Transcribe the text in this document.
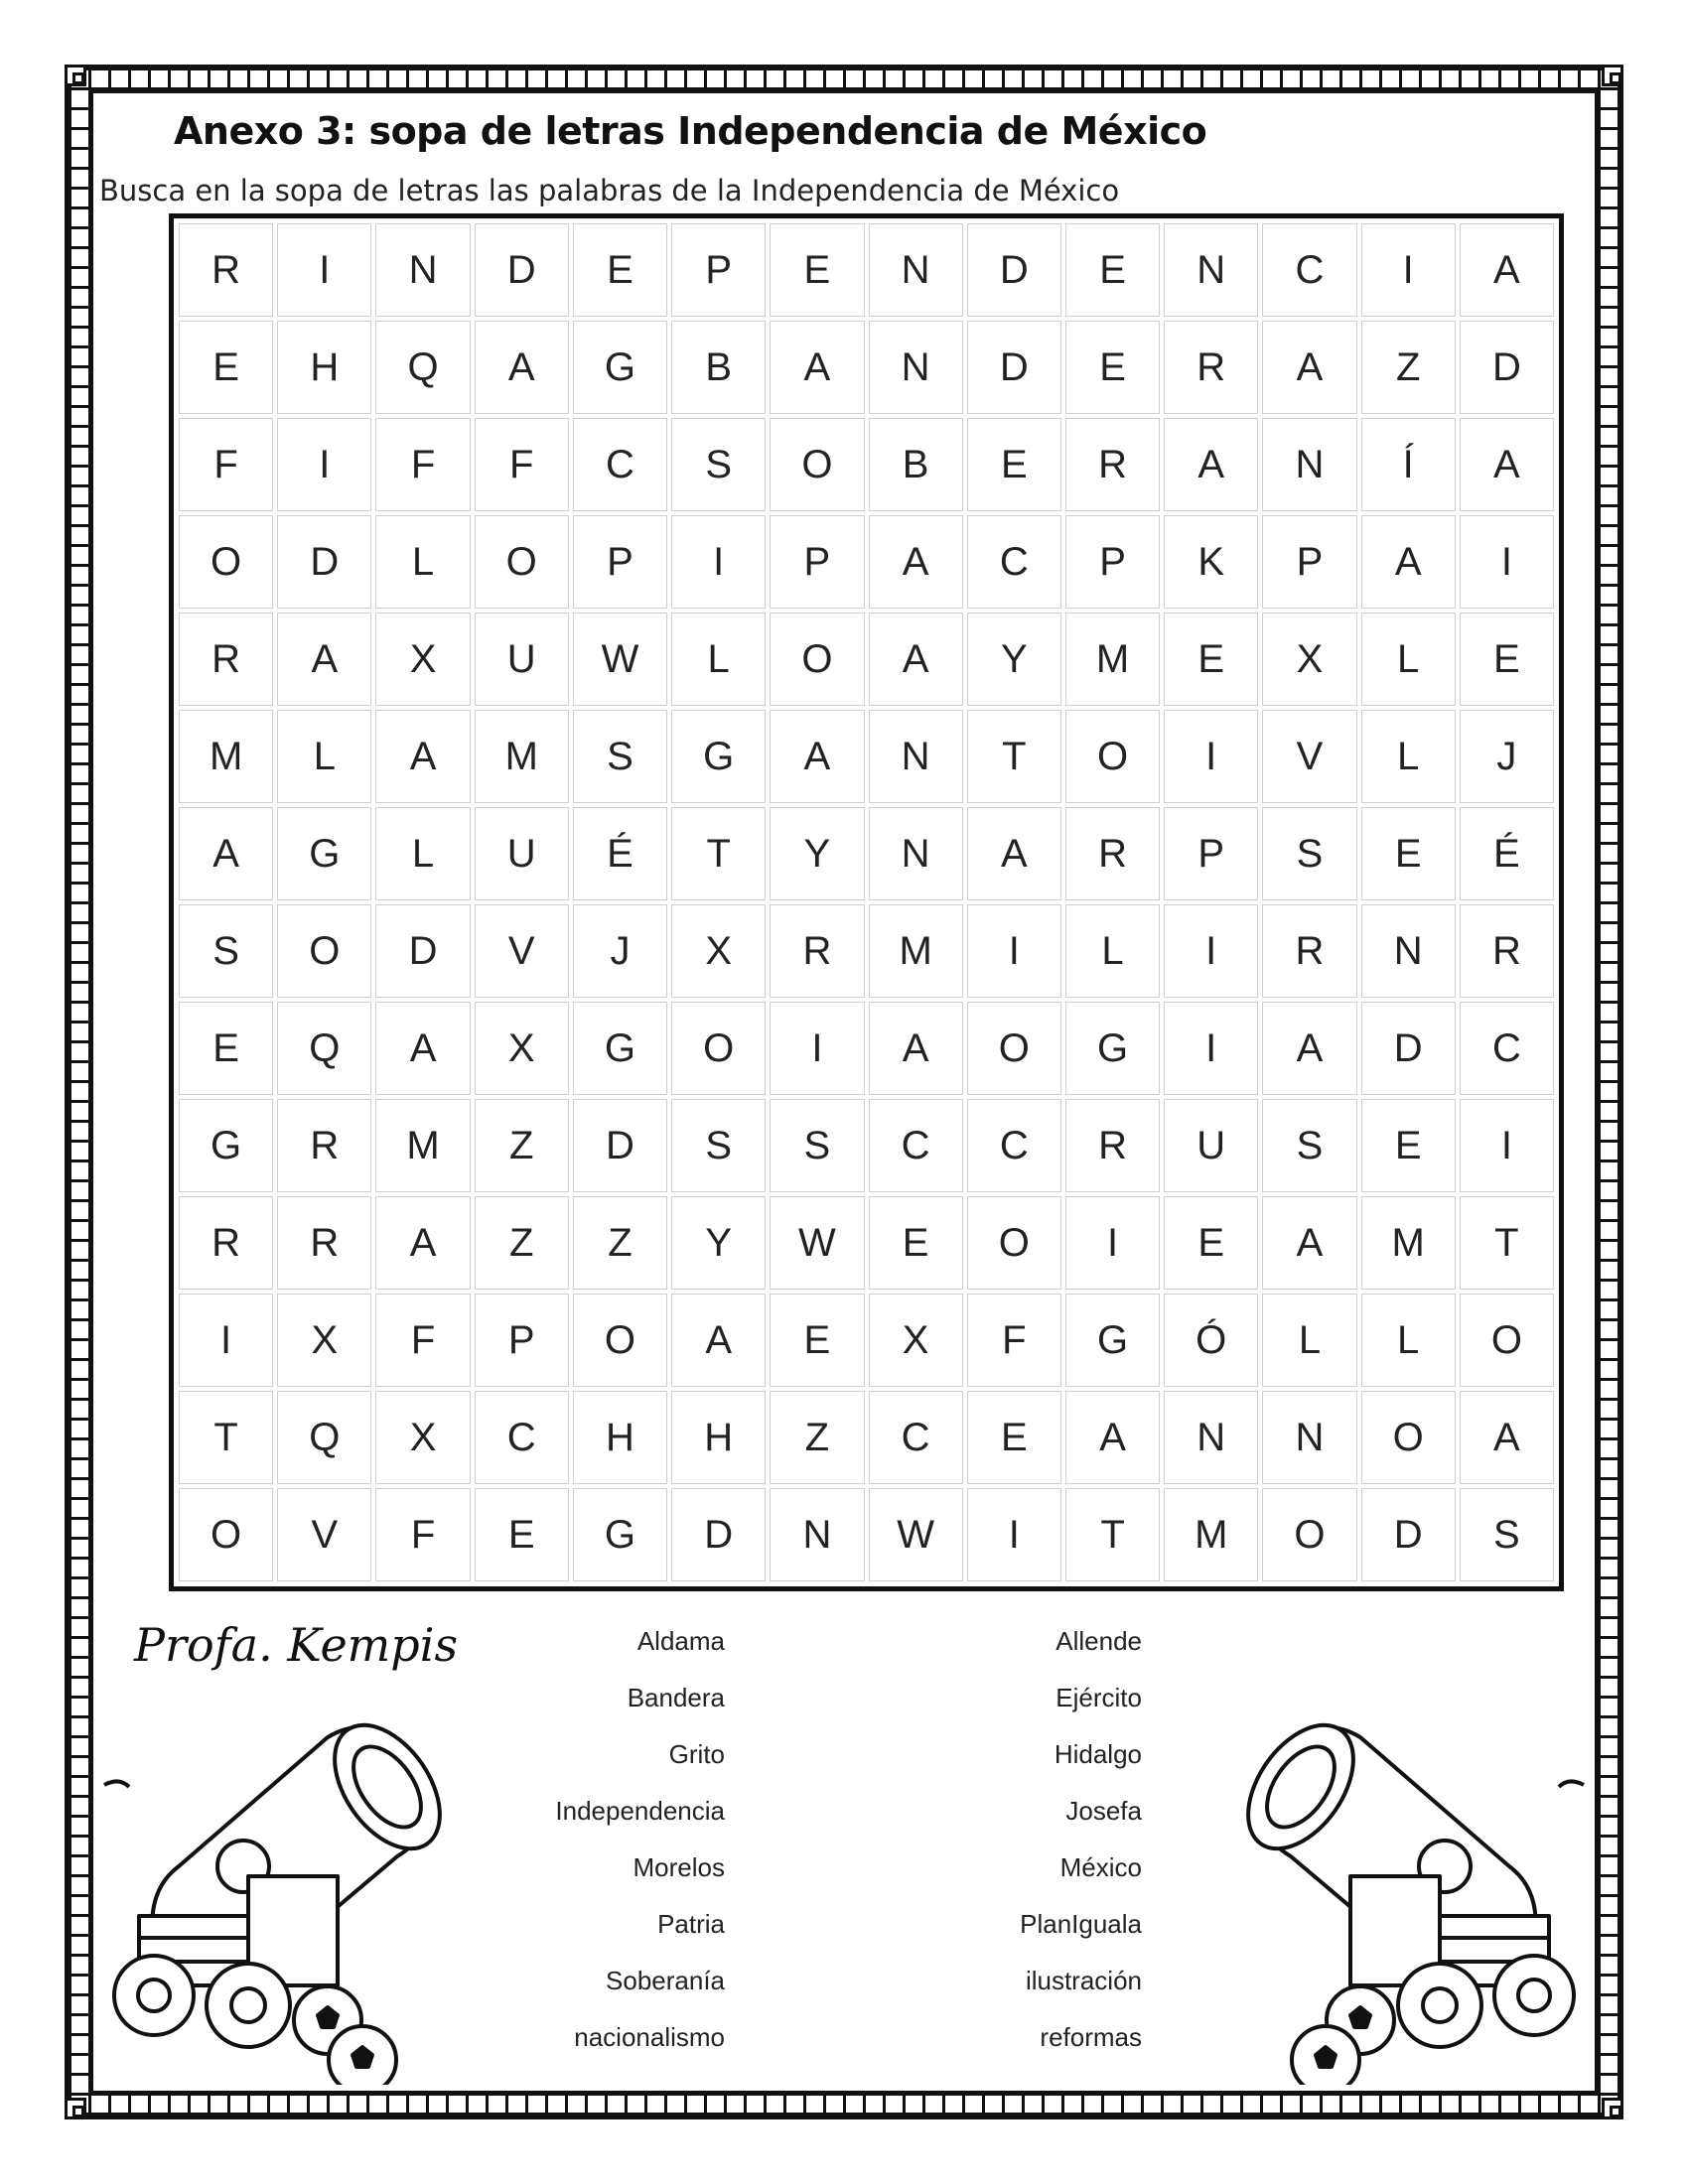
Anexo 3: sopa de letras Independencia de México

Busca en la sopa de letras las palabras de la Independencia de México

R	I	N	D	E	P	E	N	D	E	N	C	I	A
E	H	Q	A	G	B	A	N	D	E	R	A	Z	D
F	I	F	F	C	S	O	B	E	R	A	N	Í	A
O	D	L	O	P	I	P	A	C	P	K	P	A	I
R	A	X	U	W	L	O	A	Y	M	E	X	L	E
M	L	A	M	S	G	A	N	T	O	I	V	L	J
A	G	L	U	É	T	Y	N	A	R	P	S	E	É
S	O	D	V	J	X	R	M	I	L	I	R	N	R
E	Q	A	X	G	O	I	A	O	G	I	A	D	C
G	R	M	Z	D	S	S	C	C	R	U	S	E	I
R	R	A	Z	Z	Y	W	E	O	I	E	A	M	T
I	X	F	P	O	A	E	X	F	G	Ó	L	L	O
T	Q	X	C	H	H	Z	C	E	A	N	N	O	A
O	V	F	E	G	D	N	W	I	T	M	O	D	S

Profa. Kempis	Aldama
Bandera
Grito
Independencia
Morelos
Patria
Soberanía
nacionalismo
Allende
Ejército
Hidalgo
Josefa
México
PlanIguala
ilustración
reformas
